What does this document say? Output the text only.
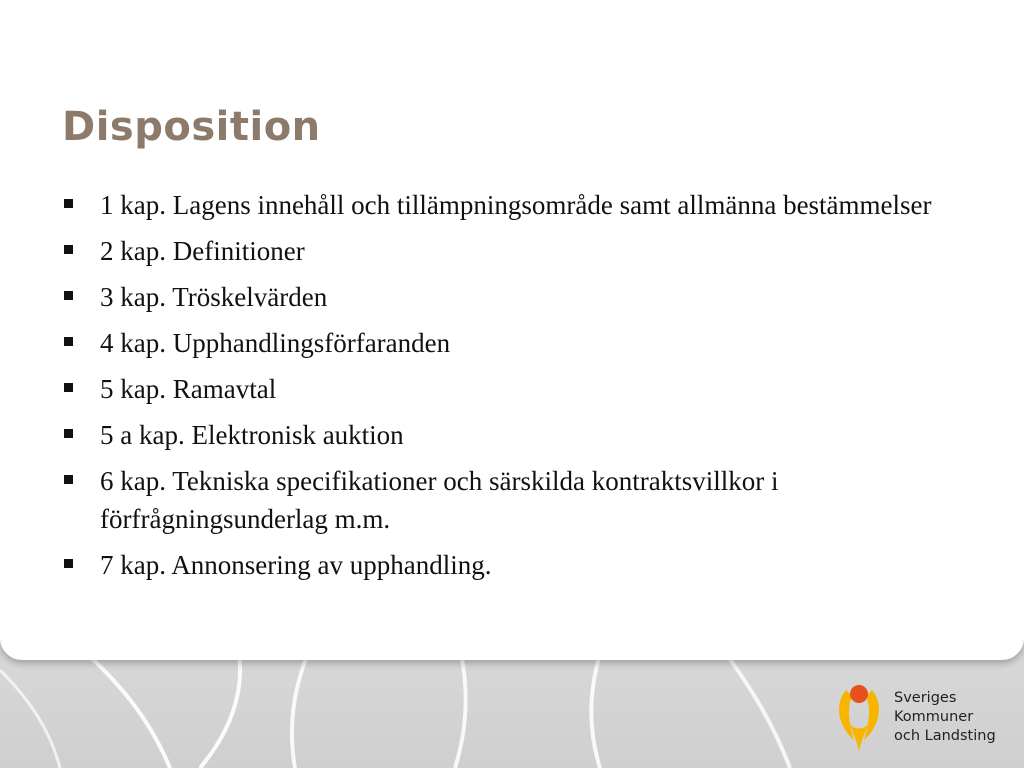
Disposition
1 kap. Lagens innehåll och tillämpningsområde samt allmänna bestämmelser
2 kap. Definitioner
3 kap. Tröskelvärden
4 kap. Upphandlingsförfaranden
5 kap. Ramavtal
5 a kap. Elektronisk auktion
6 kap. Tekniska specifikationer och särskilda kontraktsvillkor i förfrågningsunderlag m.m.
7 kap. Annonsering av upphandling.
Sveriges
Kommuner
och Landsting
